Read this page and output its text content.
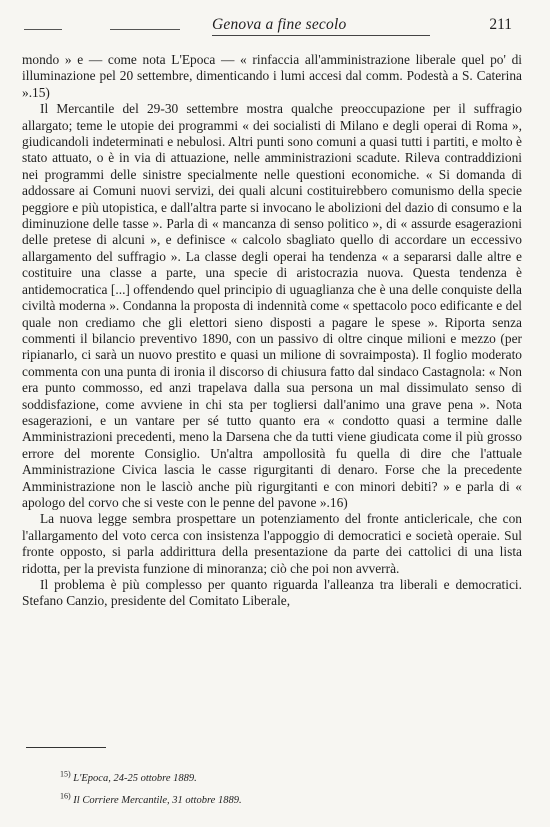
Genova a fine secolo	211

mondo » e — come nota L'Epoca — « rinfaccia all'amministrazione liberale quel po' di illuminazione pel 20 settembre, dimenticando i lumi accesi dal comm. Podestà a S. Caterina ».15)

Il Mercantile del 29-30 settembre mostra qualche preoccupazione per il suffragio allargato; teme le utopie dei programmi « dei socialisti di Milano e degli operai di Roma », giudicandoli indeterminati e nebulosi. Altri punti sono comuni a quasi tutti i partiti, e molto è stato attuato, o è in via di attuazione, nelle amministrazioni scadute. Rileva contraddizioni nei programmi delle sinistre specialmente nelle questioni economiche. « Si domanda di addossare ai Comuni nuovi servizi, dei quali alcuni costituirebbero comunismo della specie peggiore e più utopistica, e dall'altra parte si invocano le abolizioni del dazio di consumo e la diminuzione delle tasse ». Parla di « mancanza di senso politico », di « assurde esagerazioni delle pretese di alcuni », e definisce « calcolo sbagliato quello di accordare un eccessivo allargamento del suffragio ». La classe degli operai ha tendenza « a separarsi dalle altre e costituire una classe a parte, una specie di aristocrazia nuova. Questa tendenza è antidemocratica [...] offendendo quel principio di uguaglianza che è una delle conquiste della civiltà moderna ». Condanna la proposta di indennità come « spettacolo poco edificante e del quale non crediamo che gli elettori sieno disposti a pagare le spese ». Riporta senza commenti il bilancio preventivo 1890, con un passivo di oltre cinque milioni e mezzo (per ripianarlo, ci sarà un nuovo prestito e quasi un milione di sovraimposta). Il foglio moderato commenta con una punta di ironia il discorso di chiusura fatto dal sindaco Castagnola: « Non era punto commosso, ed anzi trapelava dalla sua persona un mal dissimulato senso di soddisfazione, come avviene in chi sta per togliersi dall'animo una grave pena ». Nota esagerazioni, e un vantare per sé tutto quanto era « condotto quasi a termine dalle Amministrazioni precedenti, meno la Darsena che da tutti viene giudicata come il più grosso errore del morente Consiglio. Un'altra ampollosità fu quella di dire che l'attuale Amministrazione Civica lascia le casse rigurgitanti di denaro. Forse che la precedente Amministrazione non le lasciò anche più rigurgitanti e con minori debiti? » e parla di « apologo del corvo che si veste con le penne del pavone ».16)

La nuova legge sembra prospettare un potenziamento del fronte anticlericale, che con l'allargamento del voto cerca con insistenza l'appoggio di democratici e società operaie. Sul fronte opposto, si parla addirittura della presentazione da parte dei cattolici di una lista ridotta, per la prevista funzione di minoranza; ciò che poi non avverrà.

Il problema è più complesso per quanto riguarda l'alleanza tra liberali e democratici. Stefano Canzio, presidente del Comitato Liberale,

$^{15)}$ L'Epoca, 24-25 ottobre 1889.
$^{16)}$ Il Corriere Mercantile, 31 ottobre 1889.
